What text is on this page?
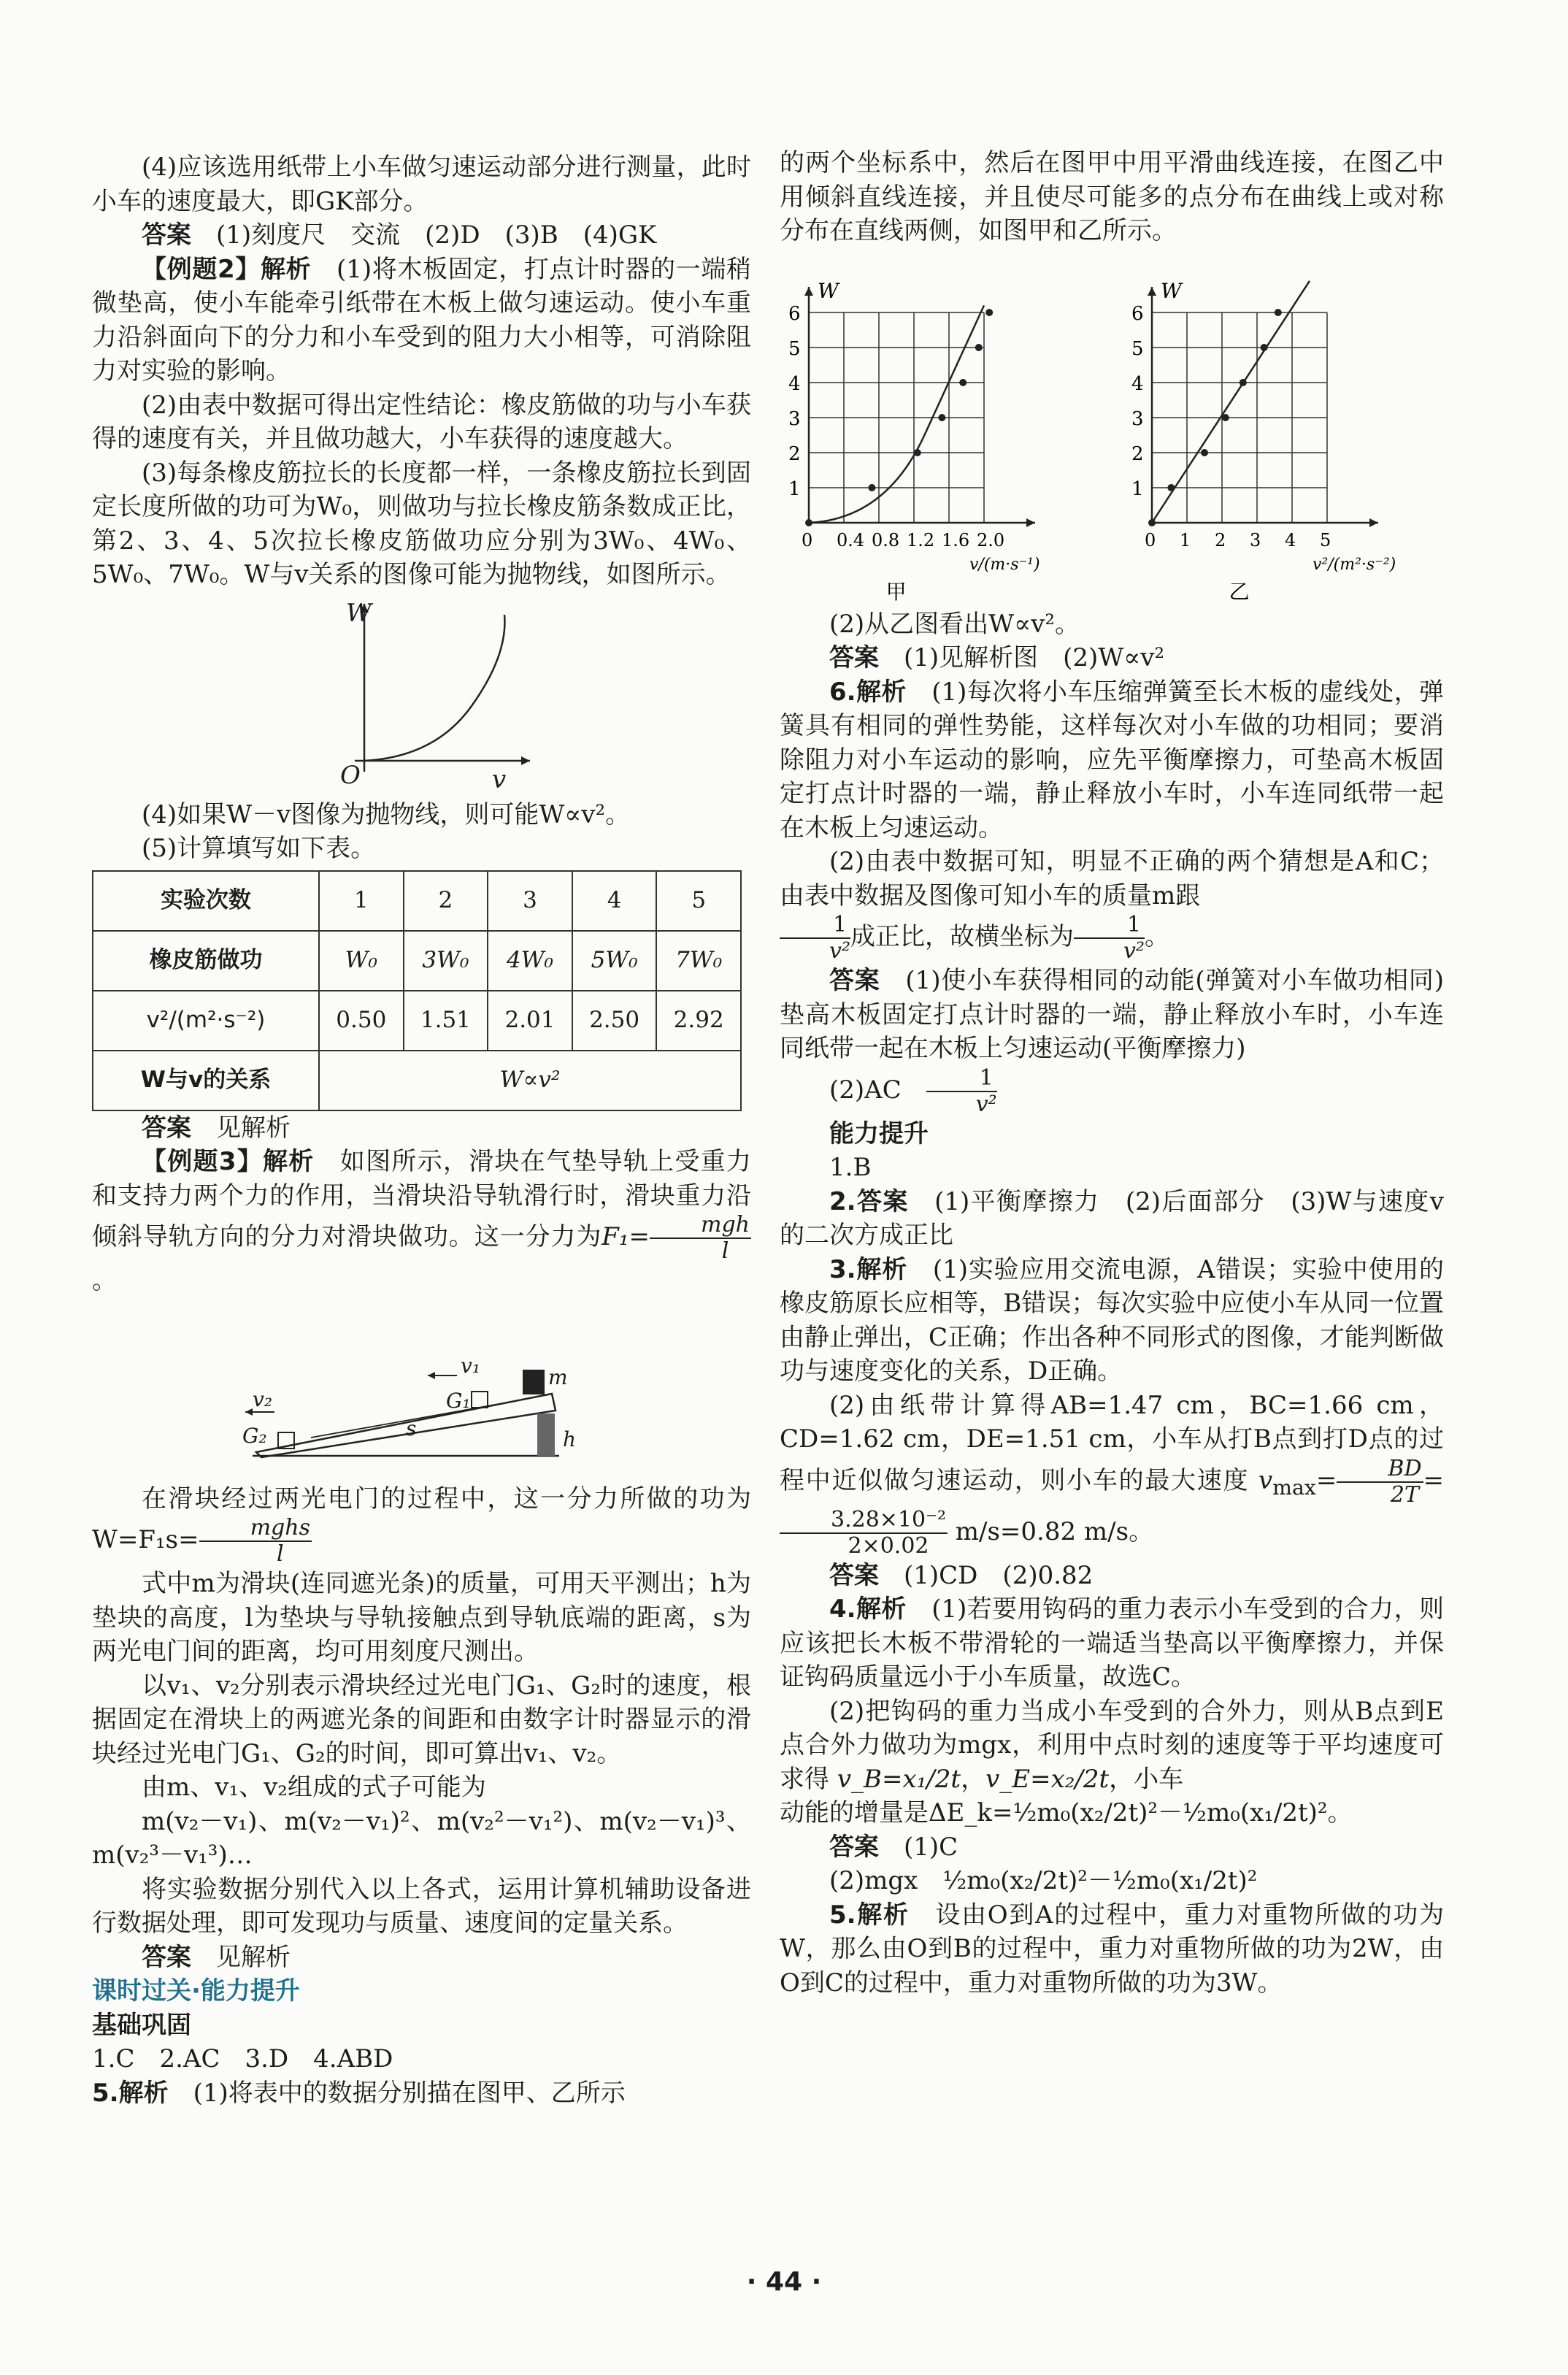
(4)应该选用纸带上小车做匀速运动部分进行测量，此时小车的速度最大，即GK部分。

答案　 (1)刻度尺　交流　(2)D　(3)B　(4)GK

【例题2】解析　 (1)将木板固定，打点计时器的一端稍微垫高，使小车能牵引纸带在木板上做匀速运动。使小车重力沿斜面向下的分力和小车受到的阻力大小相等，可消除阻力对实验的影响。

(2)由表中数据可得出定性结论：橡皮筋做的功与小车获得的速度有关，并且做功越大，小车获得的速度越大。

(3)每条橡皮筋拉长的长度都一样，一条橡皮筋拉长到固定长度所做的功可为W₀，则做功与拉长橡皮筋条数成正比，第2、3、4、5次拉长橡皮筋做功应分别为3W₀、4W₀、5W₀、7W₀。W与v关系的图像可能为抛物线，如图所示。

W
O	v

(4)如果W－v图像为抛物线，则可能W∝v²。

(5)计算填写如下表。

实验次数	1	2	3	4	5
橡皮筋做功	W₀	3W₀	4W₀	5W₀	7W₀
v²/(m²·s⁻²)	0.50	1.51	2.01	2.50	2.92
W与v的关系	W∝v²				

答案　 见解析

【例题3】解析　 如图所示，滑块在气垫导轨上受重力和支持力两个力的作用，当滑块沿导轨滑行时，滑块重力沿倾斜导轨方向的分力对滑块做功。这一分力为$F_1= \frac{\text{mgh}}{l}$
。

v₂
G₂
v₁
G₁
m
s	h

在滑块经过两光电门的过程中，这一分力所做的功为$W=F_1s= \frac{\text{mghs}}{l}$

式中m为滑块(连同遮光条)的质量，可用天平测出；h为垫块的高度，l为垫块与导轨接触点到导轨底端的距离，s为两光电门间的距离，均可用刻度尺测出。

以v₁、v₂分别表示滑块经过光电门G₁、G₂时的速度，根据固定在滑块上的两遮光条的间距和由数字计时器显示的滑块经过光电门G₁、G₂的时间，即可算出v₁、v₂。

由m、v₁、v₂组成的式子可能为

m(v₂－v₁)、m(v₂－v₁)²、m(v₂²－v₁²)、m(v₂－v₁)³、m(v₂³－v₁³)…

将实验数据分别代入以上各式，运用计算机辅助设备进行数据处理，即可发现功与质量、速度间的定量关系。

答案　 见解析

课时过关·能力提升

基础巩固

1.C　2.AC　3.D　4.ABD

5.解析　 (1)将表中的数据分别描在图甲、乙所示

的两个坐标系中，然后在图甲中用平滑曲线连接，在图乙中用倾斜直线连接，并且使尽可能多的点分布在曲线上或对称分布在直线两侧，如图甲和乙所示。

W
1
2
3
4
5
6
0 0.4 0.8 1.2 1.6 2.0
v/(m·s⁻¹)
甲
W
1
2
3
4
5
6
0 1 2 3 4 5
v²/(m²·s⁻²)
乙

(2)从乙图看出W∝v²。

答案　 (1)见解析图　(2)W∝v²

6.解析　 (1)每次将小车压缩弹簧至长木板的虚线处，弹簧具有相同的弹性势能，这样每次对小车做的功相同；要消除阻力对小车运动的影响，应先平衡摩擦力，可垫高木板固定打点计时器的一端，静止释放小车时，小车连同纸带一起在木板上匀速运动。

(2)由表中数据可知，明显不正确的两个猜想是A和C；由表中数据及图像可知小车的质量m跟

$\frac{1}{\text{v²}}$ 成正比，故横坐标为 $\frac{1}{\text{v²}}$ 。

答案　 (1)使小车获得相同的动能(弹簧对小车做功相同)　垫高木板固定打点计时器的一端，静止释放小车时，小车连同纸带一起在木板上匀速运动(平衡摩擦力)

(2)AC　 $\frac{1}{\text{v²}}$

能力提升

1.B

2.答案　 (1)平衡摩擦力　(2)后面部分　(3)W与速度v的二次方成正比

3.解析　 (1)实验应用交流电源，A错误；实验中使用的橡皮筋原长应相等，B错误；每次实验中应使小车从同一位置由静止弹出，C正确；作出各种不同形式的图像，才能判断做功与速度变化的关系，D正确。

(2)由纸带计算得AB=1.47 cm，BC=1.66 cm，CD=1.62 cm，DE=1.51 cm，小车从打B点到打D点的过程中近似做匀速运动，则小车的最大速度 $v_{max}= \frac{BD}{2T}$ =
$\frac{\text{3.28×10⁻²}}{2\times 0.02} m/s=0.82$ m/s。

答案　 (1)CD　(2)0.82

4.解析　 (1)若要用钩码的重力表示小车受到的合力，则应该把长木板不带滑轮的一端适当垫高以平衡摩擦力，并保证钩码质量远小于小车质量，故选C。

(2)把钩码的重力当成小车受到的合外力，则从B点到E点合外力做功为mgx，利用中点时刻的速度等于平均速度可求得 v_B=x₁/2t，v_E=x₂/2t，小车

动能的增量是ΔE_k=½m₀(x₂/2t)²－½m₀(x₁/2t)²。

答案　 (1)C

(2)mgx　½m₀(x₂/2t)²－½m₀(x₁/2t)²

5.解析　 设由O到A的过程中，重力对重物所做的功为W，那么由O到B的过程中，重力对重物所做的功为2W，由O到C的过程中，重力对重物所做的功为3W。

· 44 ·
